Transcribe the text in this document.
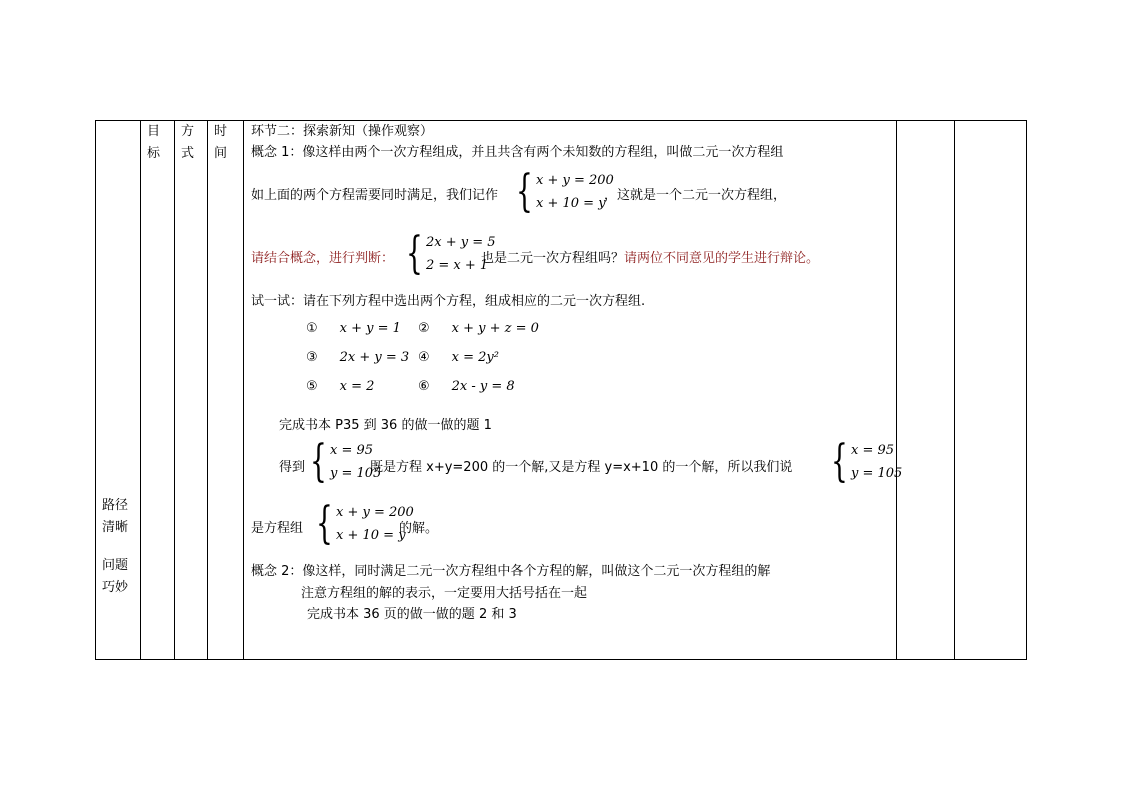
路径
清晰
问题
巧妙
目
标
方
式
时
间
环节二：探索新知（操作观察）
概念 1：像这样由两个一次方程组成，并且共含有两个未知数的方程组，叫做二元一次方程组
如上面的两个方程需要同时满足，我们记作 { x + y = 200
x + 10 = y
，这就是一个二元一次方程组，
请结合概念，进行判断： { 2x + y = 5
2 = x + 1
也是二元一次方程组吗？请两位不同意见的学生进行辩论。
试一试：请在下列方程中选出两个方程，组成相应的二元一次方程组.
① x + y = 1 ② x + y + z = 0
③ 2x + y = 3 ④ x = 2y²
⑤ x = 2	⑥ 2x - y = 8
完成书本 P35 到 36 的做一做的题 1
得到 { x = 95
y = 105
既是方程 x+y=200 的一个解,又是方程 y=x+10 的一个解，所以我们说 { x = 95
y = 105
是方程组 { x + y = 200
x + 10 = y
的解。
概念 2：像这样，同时满足二元一次方程组中各个方程的解，叫做这个二元一次方程组的解
注意方程组的解的表示，一定要用大括号括在一起
完成书本 36 页的做一做的题 2 和 3
